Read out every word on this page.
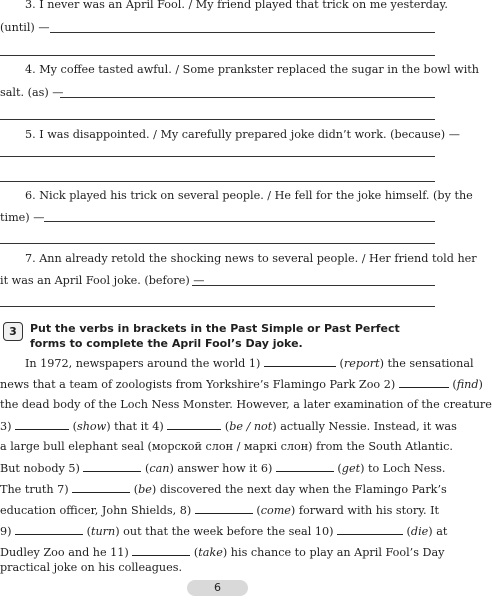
3. I never was an April Fool. / My friend played that trick on me yesterday.
(until) —
4. My coffee tasted awful. / Some prankster replaced the sugar in the bowl with
salt. (as) —
5. I was disappointed. / My carefully prepared joke didn’t work. (because) —
6. Nick played his trick on several people. / He fell for the joke himself. (by the
time) —
7. Ann already retold the shocking news to several people. / Her friend told her
it was an April Fool joke. (before) —
3	Put the verbs in brackets in the Past Simple or Past Perfect forms to complete the April Fool’s Day joke.
In 1972, newspapers around the world 1)	(report) the sensational
news that a team of zoologists from Yorkshire’s Flamingo Park Zoo 2)	(find)
the dead body of the Loch Ness Monster. However, a later examination of the creature
3)	(show) that it 4)	(be / not) actually Nessie. Instead, it was
a large bull elephant seal (морской слон / маркі слон) from the South Atlantic.
But nobody 5)	(can) answer how it 6)	(get) to Loch Ness.
The truth 7)	(be) discovered the next day when the Flamingo Park’s
education officer, John Shields, 8)	(come) forward with his story. It
9)	(turn) out that the week before the seal 10)	(die) at
Dudley Zoo and he 11)	(take) his chance to play an April Fool’s Day
practical joke on his colleagues.
6
